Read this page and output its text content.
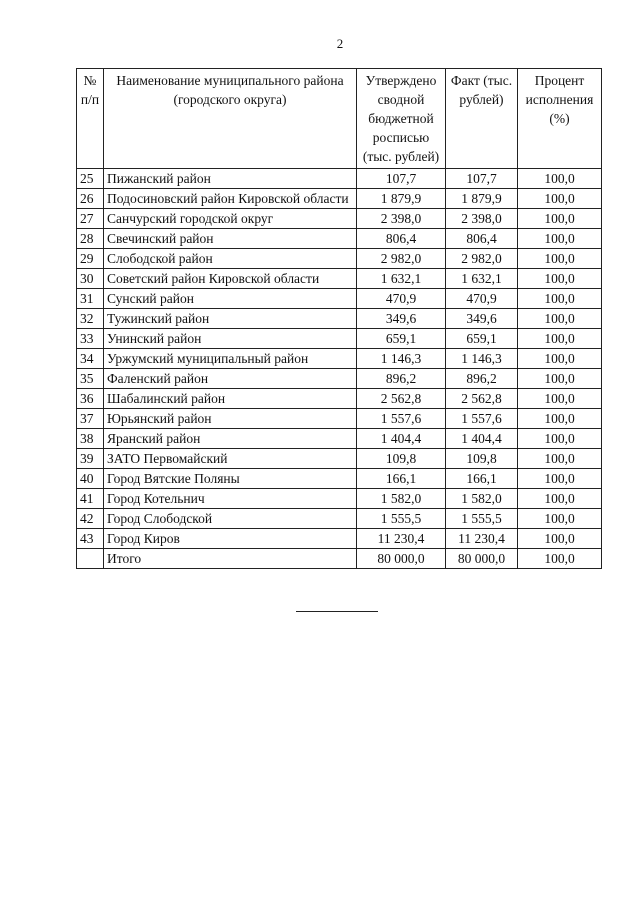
2
№ п/п	Наименование муниципального района (городского округа)	Утверждено сводной бюджетной росписью (тыс. рублей)	Факт (тыс. рублей)	Процент исполнения (%)
25	Пижанский район	107,7	107,7	100,0
26	Подосиновский район Кировской области	1 879,9	1 879,9	100,0
27	Санчурский городской округ	2 398,0	2 398,0	100,0
28	Свечинский район	806,4	806,4	100,0
29	Слободской район	2 982,0	2 982,0	100,0
30	Советский район Кировской области	1 632,1	1 632,1	100,0
31	Сунский район	470,9	470,9	100,0
32	Тужинский район	349,6	349,6	100,0
33	Унинский район	659,1	659,1	100,0
34	Уржумский муниципальный район	1 146,3	1 146,3	100,0
35	Фаленский район	896,2	896,2	100,0
36	Шабалинский район	2 562,8	2 562,8	100,0
37	Юрьянский район	1 557,6	1 557,6	100,0
38	Яранский район	1 404,4	1 404,4	100,0
39	ЗАТО Первомайский	109,8	109,8	100,0
40	Город Вятские Поляны	166,1	166,1	100,0
41	Город Котельнич	1 582,0	1 582,0	100,0
42	Город Слободской	1 555,5	1 555,5	100,0
43	Город Киров	11 230,4	11 230,4	100,0
	Итого	80 000,0	80 000,0	100,0
